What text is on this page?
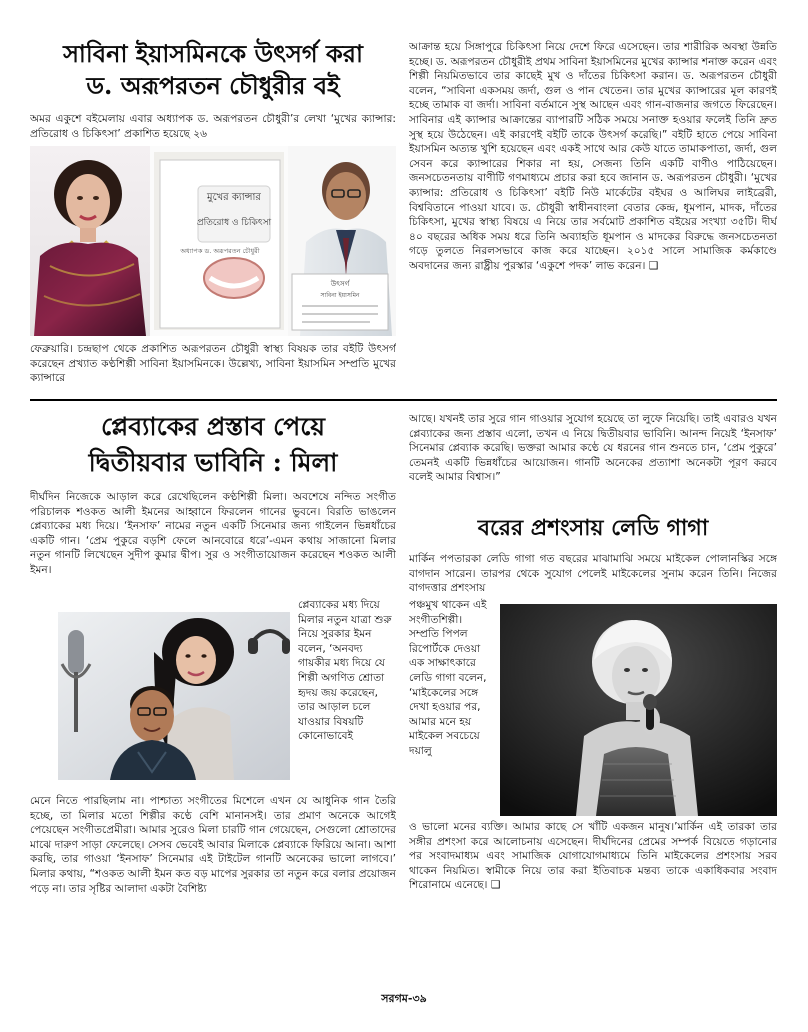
সাবিনা ইয়াসমিনকে উৎসর্গ করা
ড. অরূপরতন চৌধুরীর বই
অমর একুশে বইমেলায় এবার অধ্যাপক ড. অরূপরতন চৌধুরী’র লেখা ‘মুখের ক্যান্সার: প্রতিরোধ ও চিকিৎসা’ প্রকাশিত হয়েছে ২৬
মুখের ক্যান্সার
প্রতিরোধ ও চিকিৎসা
অধ্যাপক ড. অরূপরতন চৌধুরী
উৎসর্গ
সাবিনা ইয়াসমিন
ফেব্রুয়ারি। চন্দ্রছাপ থেকে প্রকাশিত অরূপরতন চৌধুরী স্বাস্থ্য বিষয়ক তার বইটি উৎসর্গ করেছেন প্রখ্যাত কণ্ঠশিল্পী সাবিনা ইয়াসমিনকে। উল্লেখ্য, সাবিনা ইয়াসমিন সম্প্রতি মুখের ক্যান্সারে
আক্রান্ত হয়ে সিঙ্গাপুরে চিকিৎসা নিয়ে দেশে ফিরে এসেছেন। তার শারীরিক অবস্থা উন্নতি হচ্ছে। ড. অরূপরতন চৌধুরীই প্রথম সাবিনা ইয়াসমিনের মুখের ক্যান্সার শনাক্ত করেন এবং শিল্পী নিয়মিতভাবে তার কাছেই মুখ ও দাঁতের চিকিৎসা করান। ড. অরূপরতন চৌধুরী বলেন, “সাবিনা একসময় জর্দা, গুল ও পান খেতেন। তার মুখের ক্যান্সারের মূল কারণই হচ্ছে তামাক বা জর্দা। সাবিনা বর্তমানে সুস্থ আছেন এবং গান-বাজনার জগতে ফিরেছেন। সাবিনার এই ক্যান্সার আক্রান্তের ব্যাপারটি সঠিক সময়ে সনাক্ত হওয়ার ফলেই তিনি দ্রুত সুস্থ হয়ে উঠেছেন। এই কারণেই বইটি তাকে উৎসর্গ করেছি।” বইটি হাতে পেয়ে সাবিনা ইয়াসমিন অত্যন্ত খুশি হয়েছেন এবং একই সাথে আর কেউ যাতে তামাকপাতা, জর্দা, গুল সেবন করে ক্যান্সারের শিকার না হয়, সেজন্য তিনি একটি বাণীও পাঠিয়েছেন। জনসচেতনতায় বাণীটি গণমাধ্যমে প্রচার করা হবে জানান ড. অরূপরতন চৌধুরী। ‘মুখের ক্যান্সার: প্রতিরোধ ও চিকিৎসা’ বইটি নিউ মার্কেটের বইঘর ও আলিঘর লাইব্রেরী, বিশ্ববিতানে পাওয়া যাবে। ড. চৌধুরী স্বাধীনবাংলা বেতার কেন্দ্র, ধূমপান, মাদক, দাঁতের চিকিৎসা, মুখের স্বাস্থ্য বিষয়ে এ নিয়ে তার সর্বমোট প্রকাশিত বইয়ের সংখ্যা ৩৫টি। দীর্ঘ ৪০ বছরের অধিক সময় ধরে তিনি অব্যাহতি ধূমপান ও মাদকের বিরুদ্ধে জনসচেতনতা গড়ে তুলতে নিরলসভাবে কাজ করে যাচ্ছেন। ২০১৫ সালে সামাজিক কর্মকাণ্ডে অবদানের জন্য রাষ্ট্রীয় পুরস্কার ‘একুশে পদক’ লাভ করেন। ❑
প্লেব্যাকের প্রস্তাব পেয়ে
দ্বিতীয়বার ভাবিনি : মিলা
দীর্ঘদিন নিজেকে আড়াল করে রেখেছিলেন কণ্ঠশিল্পী মিলা। অবশেষে নন্দিত সংগীত পরিচালক শওকত আলী ইমনের আহ্বানে ফিরলেন গানের ভুবনে। বিরতি ভাঙলেন প্লেব্যাকের মধ্য দিয়ে। ‘ইনসাফ’ নামের নতুন একটি সিনেমার জন্য গাইলেন ভিন্নধাঁচের একটি গান। ‘প্রেম পুকুরে বড়শি ফেলে আনবোরে ধরে’-এমন কথায় সাজানো মিলার নতুন গানটি লিখেছেন সুদীপ কুমার দ্বীপ। সুর ও সংগীতায়োজন করেছেন শওকত আলী ইমন।
প্লেব্যাকের মধ্য দিয়ে মিলার নতুন যাত্রা শুরু নিয়ে সুরকার ইমন বলেন, ‘অনবদ্য গায়কীর মধ্য দিয়ে যে শিল্পী অগণিত শ্রোতা হৃদয় জয় করেছেন, তার আড়াল চলে যাওয়ার বিষয়টি কোনোভাবেই
মেনে নিতে পারছিলাম না। পাশ্চাত্য সংগীতের মিশেলে এখন যে আধুনিক গান তৈরি হচ্ছে, তা মিলার মতো শিল্পীর কণ্ঠে বেশি মানানসই। তার প্রমাণ অনেকে আগেই পেয়েছেন সংগীতপ্রেমীরা। আমার সুরেও মিলা চারটি গান গেয়েছেন, সেগুলো শ্রোতাদের মাঝে দারুণ সাড়া ফেলেছে। সেসব ভেবেই আবার মিলাকে প্লেব্যাকে ফিরিয়ে আনা। আশা করছি, তার গাওয়া ‘ইনসাফ’ সিনেমার এই টাইটেল গানটি অনেকের ভালো লাগবে।’ মিলার কথায়, “শওকত আলী ইমন কত বড় মাপের সুরকার তা নতুন করে বলার প্রয়োজন পড়ে না। তার সৃষ্টির আলাদা একটা বৈশিষ্ট্য
আছে। যখনই তার সুরে গান গাওয়ার সুযোগ হয়েছে তা লুফে নিয়েছি। তাই এবারও যখন প্লেব্যাকের জন্য প্রস্তাব এলো, তখন এ নিয়ে দ্বিতীয়বার ভাবিনি। আনন্দ নিয়েই ‘ইনসাফ’ সিনেমার প্লেব্যাক করেছি। ভক্তরা আমার কণ্ঠে যে ধরনের গান শুনতে চান, ‘প্রেম পুকুরে’ তেমনই একটি ভিন্নধাঁচের আয়োজন। গানটি অনেকের প্রত্যাশা অনেকটা পূরণ করবে বলেই আমার বিশ্বাস।”
বরের প্রশংসায় লেডি গাগা
মার্কিন পপতারকা লেডি গাগা গত বছরের মাঝামাঝি সময়ে মাইকেল পোলানস্কির সঙ্গে বাগদান সারেন। তারপর থেকে সুযোগ পেলেই মাইকেলের সুনাম করেন তিনি। নিজের বাগদত্তার প্রশংসায়
পঞ্চমুখ থাকেন এই সংগীতশিল্পী। সম্প্রতি পিপল রিপোর্টকে দেওয়া এক সাক্ষাৎকারে লেডি গাগা বলেন, ‘মাইকেলের সঙ্গে দেখা হওয়ার পর, আমার মনে হয় মাইকেল সবচেয়ে দয়ালু
ও ভালো মনের ব্যক্তি। আমার কাছে সে খাঁটি একজন মানুষ।’মার্কিন এই তারকা তার সঙ্গীর প্রশংসা করে আলোচনায় এসেছেন। দীর্ঘদিনের প্রেমের সম্পর্ক বিয়েতে গড়ানোর পর সংবাদমাধ্যম এবং সামাজিক যোগাযোগমাধ্যমে তিনি মাইকেলের প্রশংসায় সরব থাকেন নিয়মিত। স্বামীকে নিয়ে তার করা ইতিবাচক মন্তব্য তাকে একাধিকবার সংবাদ শিরোনামে এনেছে। ❑
সরগম-৩৯
